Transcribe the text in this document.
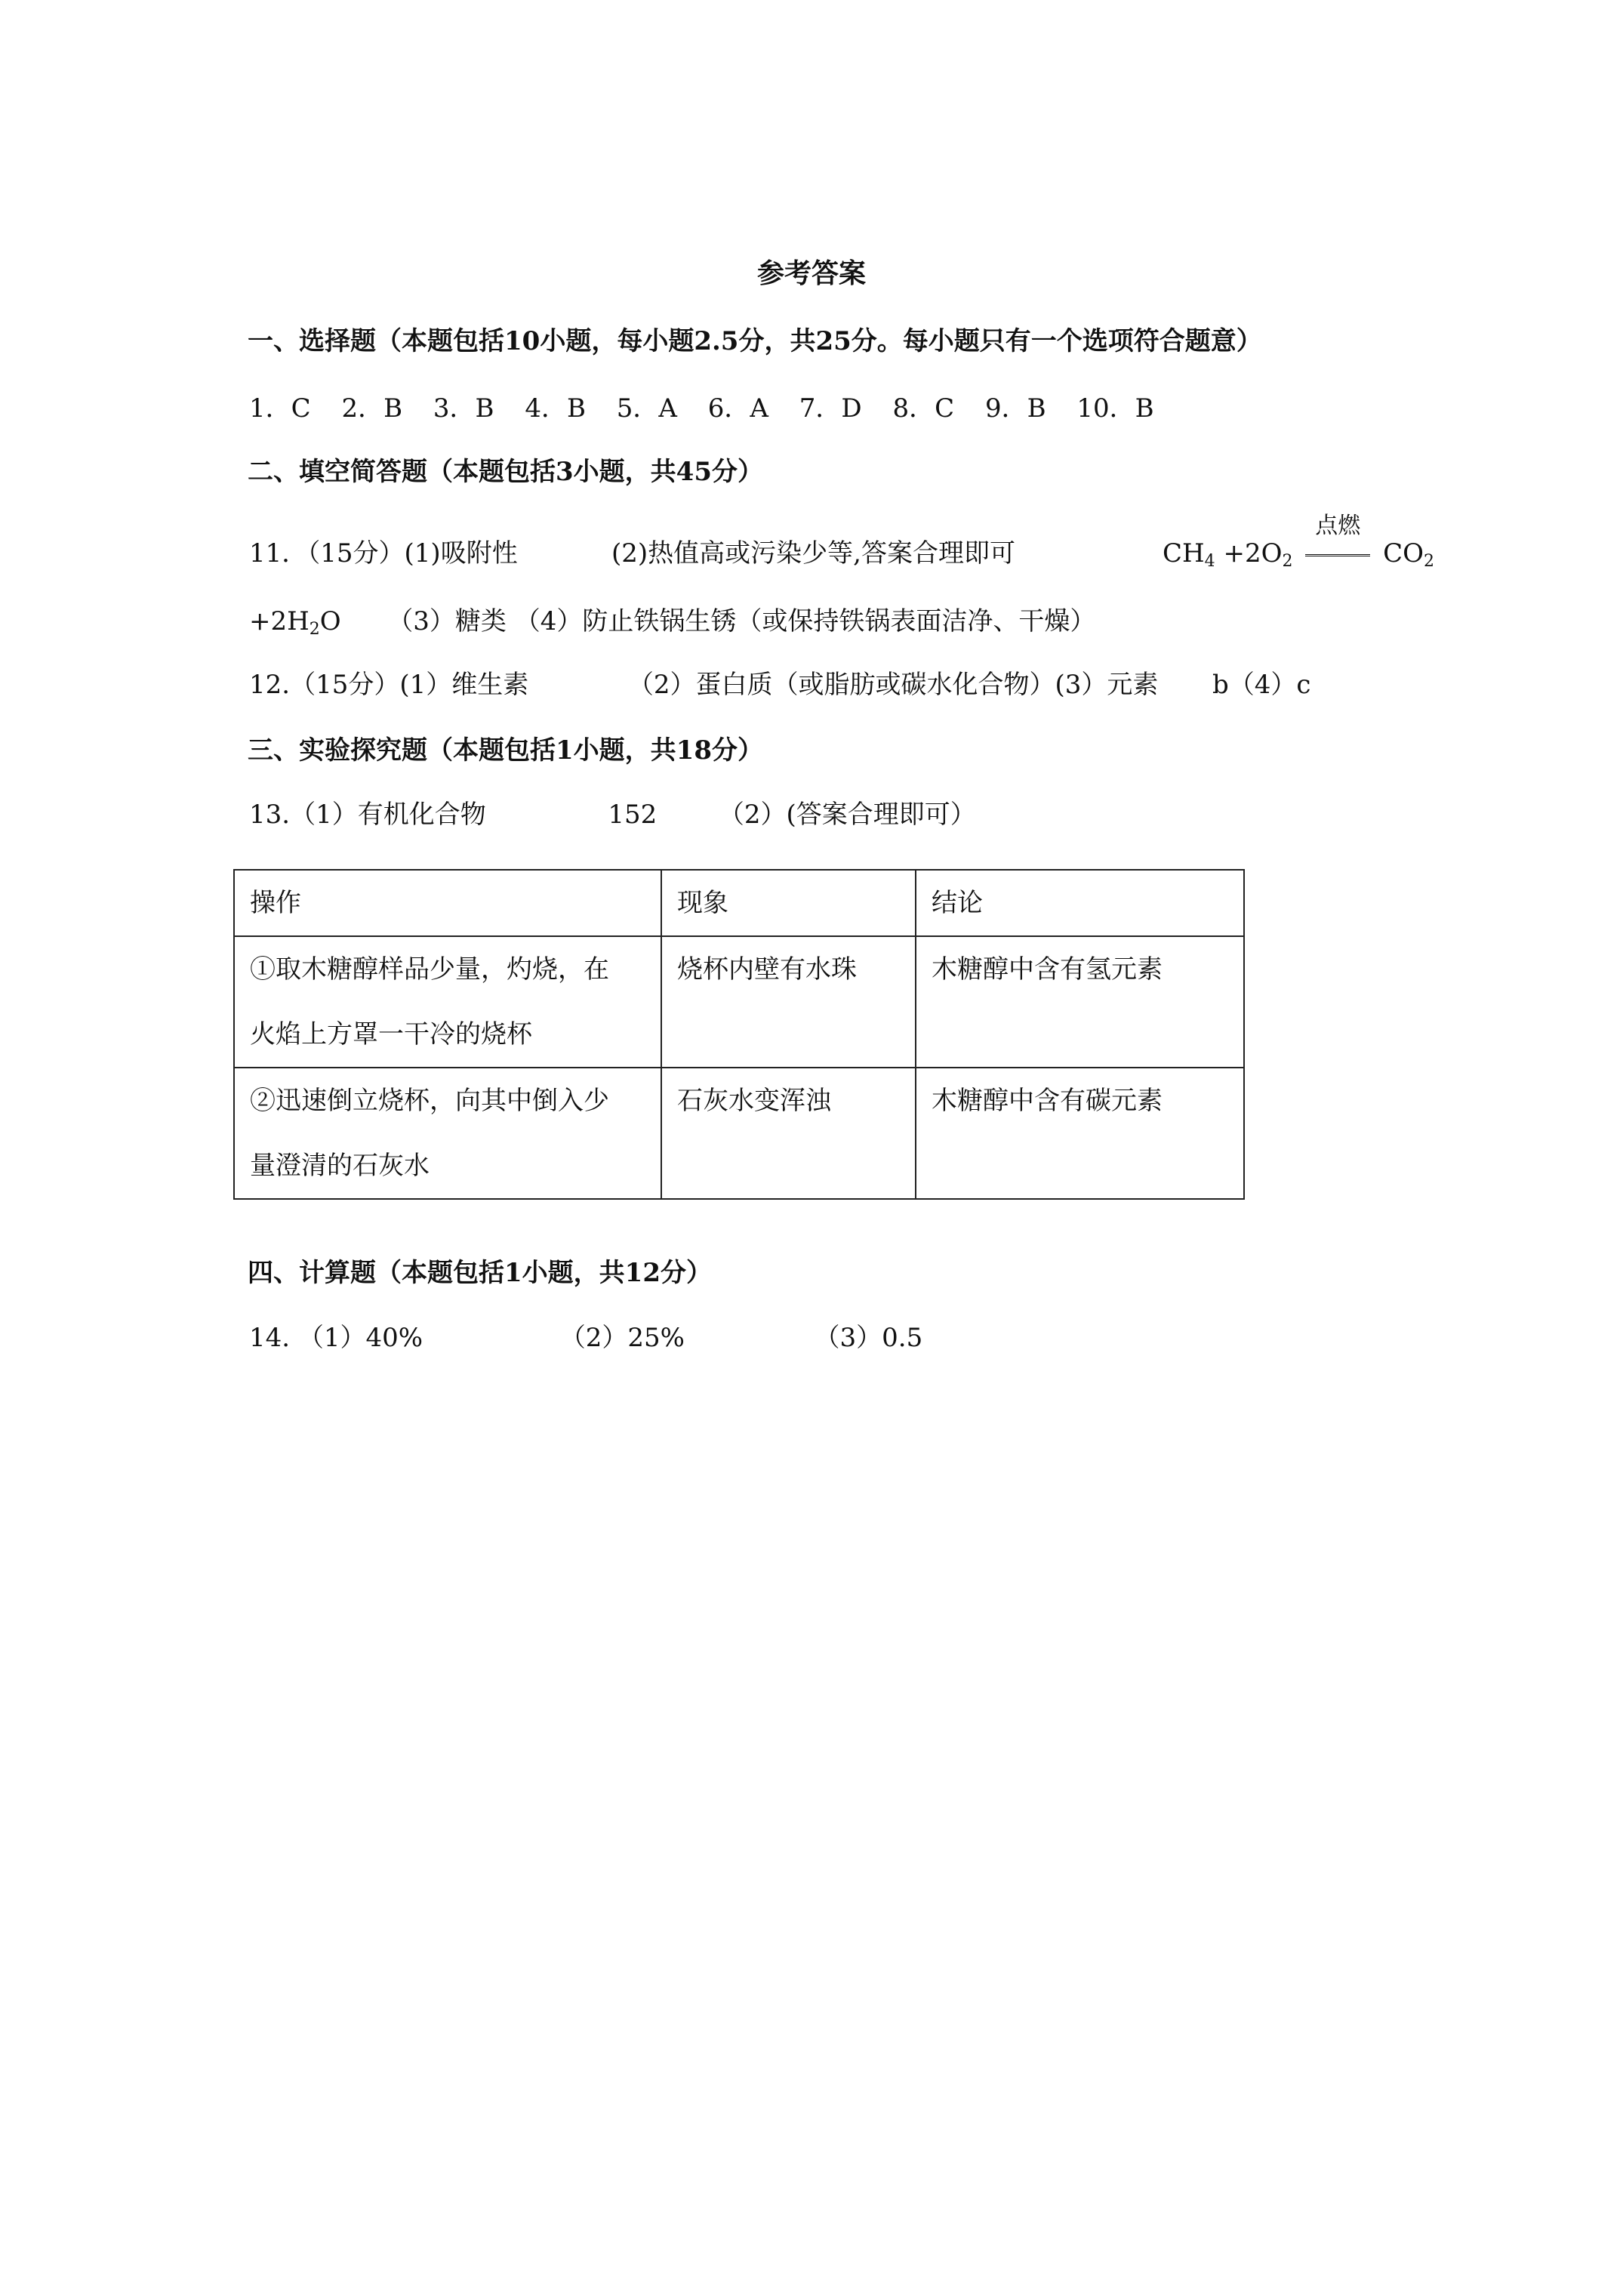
参考答案
一、选择题（本题包括10小题，每小题2.5分，共25分。每小题只有一个选项符合题意）
1．C 2．B 3．B 4．B 5．A 6．A 7．D 8．C 9．B 10．B
二、填空简答题（本题包括3小题，共45分）
11．（15分）(1)吸附性	(2)热值高或污染少等,答案合理即可	$CH_4 +2O_2$
点燃
$CO_2$
$+2H_2O$ （3）糖类 （4）防止铁锅生锈（或保持铁锅表面洁净、干燥）
12.（15分）(1）维生素	（2）蛋白质（或脂肪或碳水化合物）(3）元素 b（4）c
三、实验探究题（本题包括1小题，共18分）
13.（1）有机化合物	152 （2）(答案合理即可）
操作	现象	结论

①取木糖醇样品少量，灼烧，在
火焰上方罩一干冷的烧杯	烧杯内壁有水珠	木糖醇中含有氢元素

②迅速倒立烧杯，向其中倒入少
量澄清的石灰水	石灰水变浑浊	木糖醇中含有碳元素
四、计算题（本题包括1小题，共12分）
14. （1）40%	（2）25%	（3）0.5
